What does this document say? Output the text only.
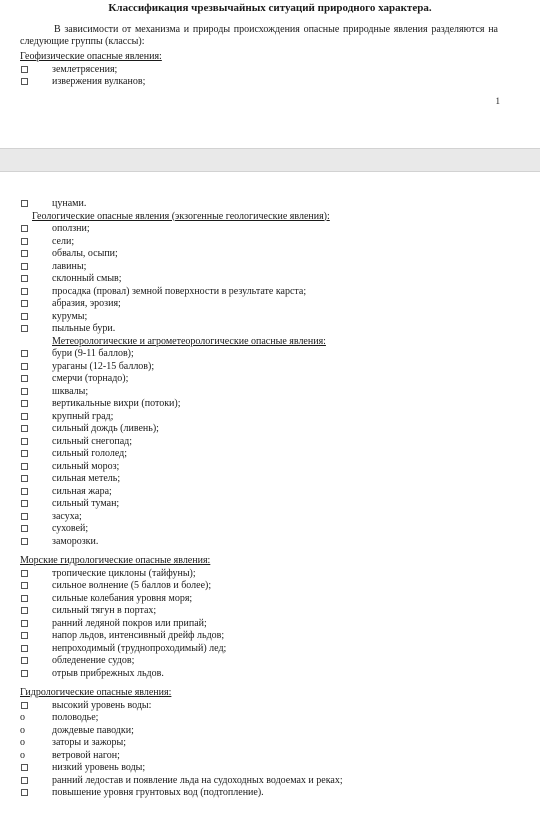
Классификация чрезвычайных ситуаций природного характера.

В зависимости от механизма и природы происхождения опасные природные явления разделяются на следующие группы (классы):

Геофизические опасные явления:
землетрясения;
извержения вулканов;
1
цунами.
Геологические опасные явления (экзогенные геологические явления):
оползни;
сели;
обвалы, осыпи;
лавины;
склонный смыв;
просадка (провал) земной поверхности в результате карста;
абразия, эрозия;
курумы;
пыльные бури.
Метеорологические и агрометеорологические опасные явления:
бури (9-11 баллов);
ураганы (12-15 баллов);
смерчи (торнадо);
шквалы;
вертикальные вихри (потоки);
крупный град;
сильный дождь (ливень);
сильный снегопад;
сильный гололед;
сильный мороз;
сильная метель;
сильная жара;
сильный туман;
засуха;
суховей;
заморозки.
Морские гидрологические опасные явления:
тропические циклоны (тайфуны);
сильное волнение (5 баллов и более);
сильные колебания уровня моря;
сильный тягун в портах;
ранний ледяной покров или припай;
напор льдов, интенсивный дрейф льдов;
непроходимый (труднопроходимый) лед;
обледенение судов;
отрыв прибрежных льдов.
Гидрологические опасные явления:
высокий уровень воды:
o	половодье;
o	дождевые паводки;
o	заторы и зажоры;
o	ветровой нагон;
низкий уровень воды;
ранний ледостав и появление льда на судоходных водоемах и реках;
повышение уровня грунтовых вод (подтопление).
